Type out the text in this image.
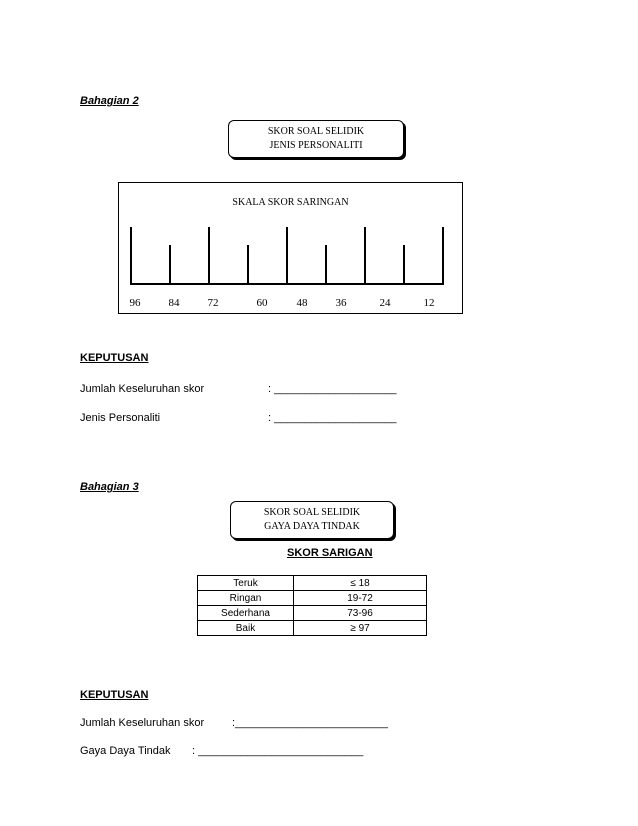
Bahagian 2
SKOR SOAL SELIDIK
JENIS PERSONALITI
SKALA SKOR SARINGAN
96	84	72	60	48	36	24	12
KEPUTUSAN
Jumlah Keseluruhan skor	: ____________________
Jenis Personaliti	: ____________________
Bahagian 3
SKOR SOAL SELIDIK
GAYA DAYA TINDAK
SKOR SARIGAN
Teruk	≤ 18
Ringan	19-72
Sederhana	73-96
Baik	≥ 97
KEPUTUSAN
Jumlah Keseluruhan skor	:_________________________
Gaya Daya Tindak : ___________________________
